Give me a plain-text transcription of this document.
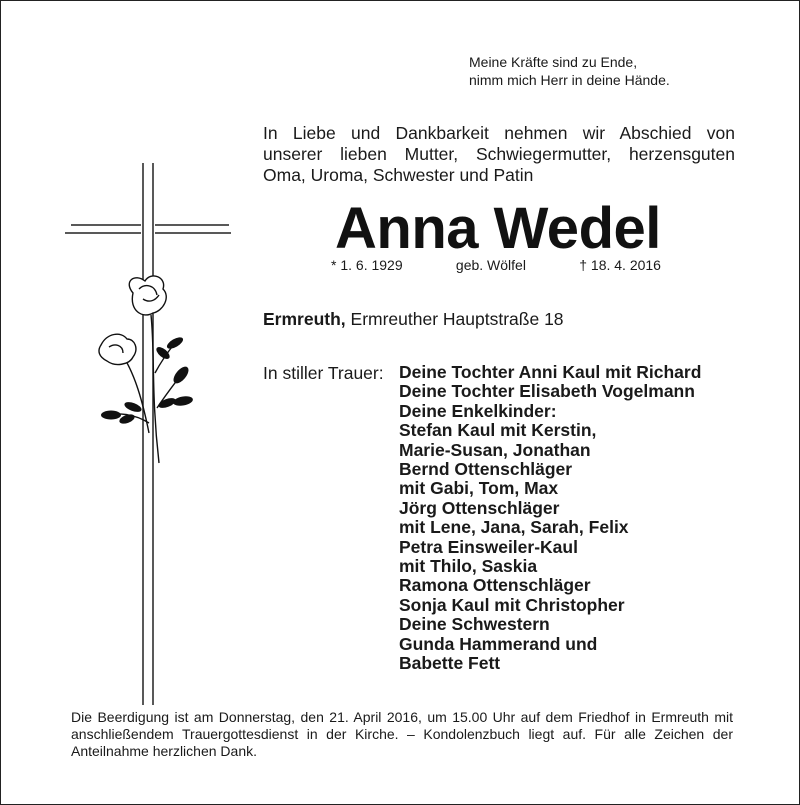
Meine Kräfte sind zu Ende,
nimm mich Herr in deine Hände.
In Liebe und Dankbarkeit nehmen wir Abschied von
unserer lieben Mutter, Schwiegermutter, herzensguten
Oma, Uroma, Schwester und Patin
Anna Wedel
* 1. 6. 1929	geb. Wölfel	† 18. 4. 2016
Ermreuth, Ermreuther Hauptstraße 18
In stiller Trauer: Deine Tochter Anni Kaul mit Richard
Deine Tochter Elisabeth Vogelmann
Deine Enkelkinder:
Stefan Kaul mit Kerstin,
Marie-Susan, Jonathan
Bernd Ottenschläger
mit Gabi, Tom, Max
Jörg Ottenschläger
mit Lene, Jana, Sarah, Felix
Petra Einsweiler-Kaul
mit Thilo, Saskia
Ramona Ottenschläger
Sonja Kaul mit Christopher
Deine Schwestern
Gunda Hammerand und
Babette Fett
Die Beerdigung ist am Donnerstag, den 21. April 2016, um 15.00 Uhr auf dem Friedhof in Ermreuth mit anschließendem Trauergottesdienst in der Kirche. – Kondolenzbuch liegt auf. Für alle Zeichen der Anteilnahme herzlichen Dank.
